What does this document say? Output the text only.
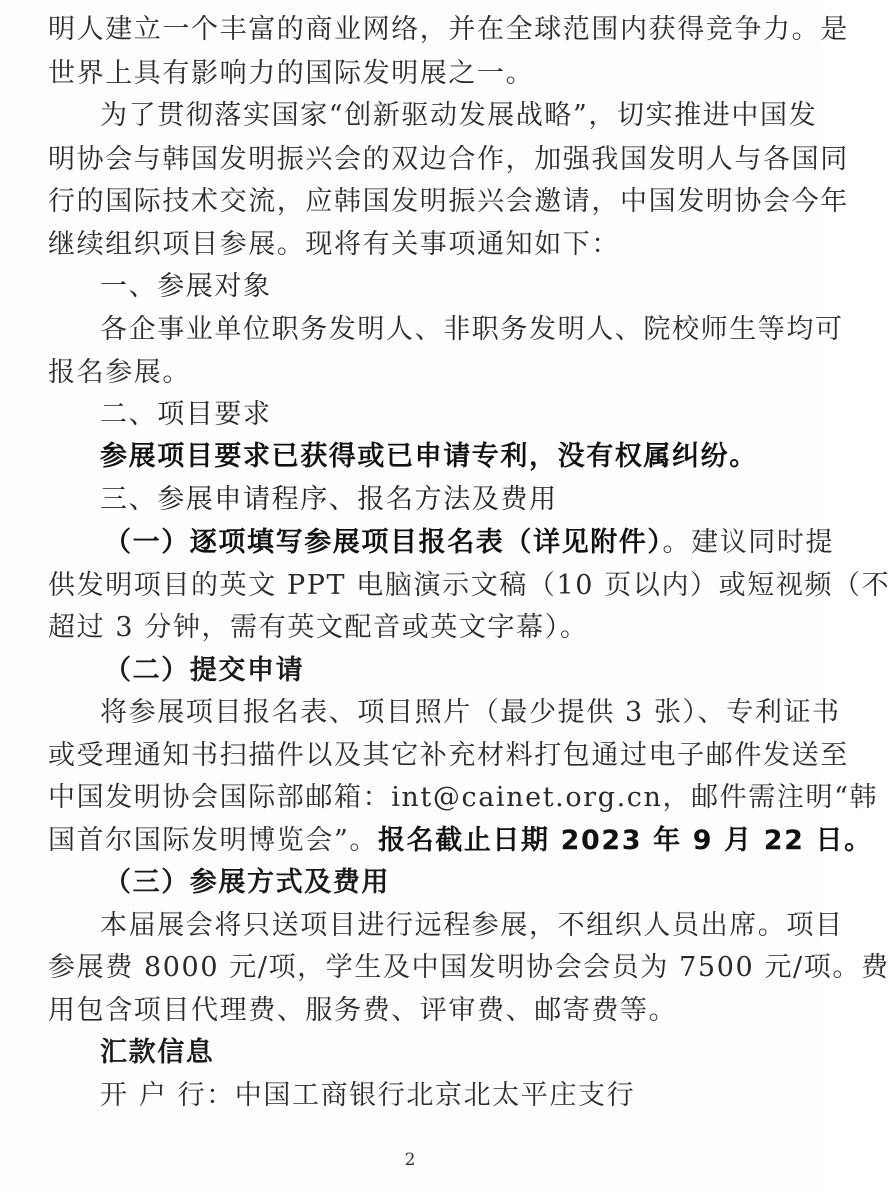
明人建立一个丰富的商业网络，并在全球范围内获得竞争力。是
世界上具有影响力的国际发明展之一。
为了贯彻落实国家“创新驱动发展战略”，切实推进中国发
明协会与韩国发明振兴会的双边合作，加强我国发明人与各国同
行的国际技术交流，应韩国发明振兴会邀请，中国发明协会今年
继续组织项目参展。现将有关事项通知如下：
一、参展对象
各企事业单位职务发明人、非职务发明人、院校师生等均可
报名参展。
二、项目要求
参展项目要求已获得或已申请专利，没有权属纠纷。
三、参展申请程序、报名方法及费用
（一）逐项填写参展项目报名表（详见附件）。建议同时提
供发明项目的英文 PPT 电脑演示文稿（10 页以内）或短视频（不
超过 3 分钟，需有英文配音或英文字幕）。
（二）提交申请
将参展项目报名表、项目照片（最少提供 3 张）、专利证书
或受理通知书扫描件以及其它补充材料打包通过电子邮件发送至
中国发明协会国际部邮箱：int@cainet.org.cn，邮件需注明“韩
国首尔国际发明博览会”。报名截止日期 2023 年 9 月 22 日。
（三）参展方式及费用
本届展会将只送项目进行远程参展，不组织人员出席。项目
参展费 8000 元/项，学生及中国发明协会会员为 7500 元/项。费
用包含项目代理费、服务费、评审费、邮寄费等。
汇款信息
开 户 行：中国工商银行北京北太平庄支行
2
